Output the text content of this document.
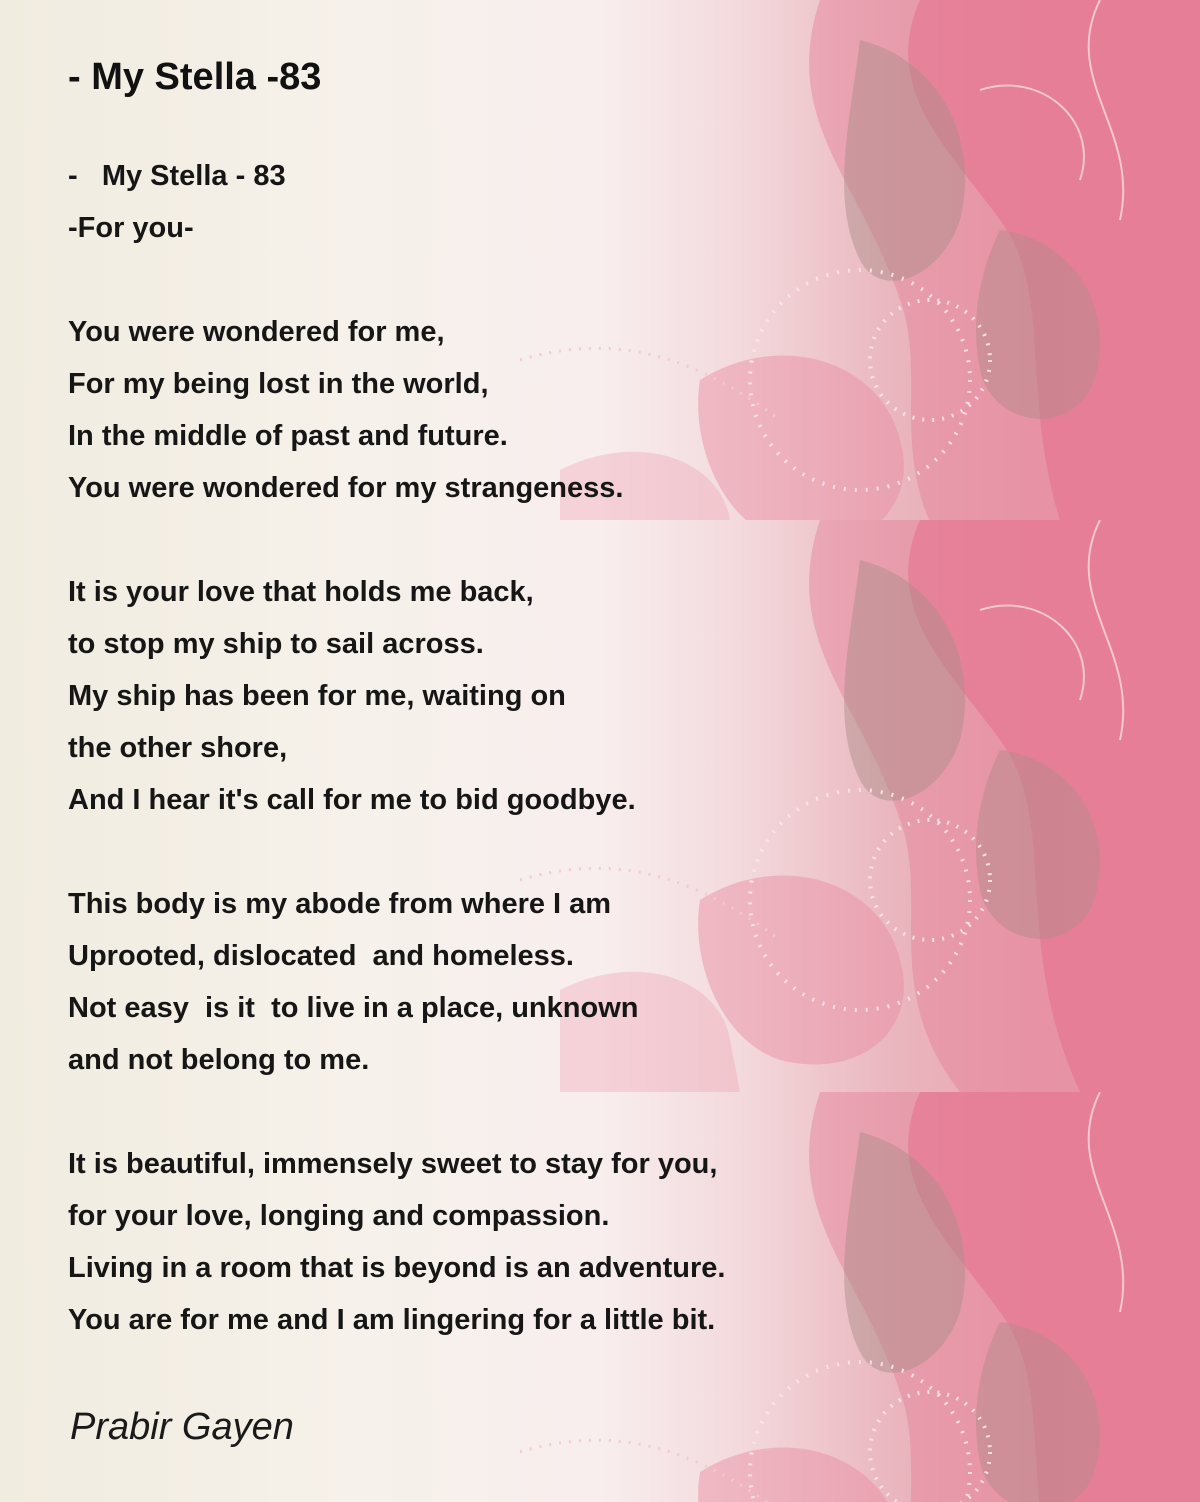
- My Stella -83
-   My Stella - 83
-For you-
You were wondered for me,
For my being lost in the world,
In the middle of past and future.
You were wondered for my strangeness.
It is your love that holds me back,
to stop my ship to sail across.
My ship has been for me, waiting on
the other shore,
And I hear it's call for me to bid goodbye.
This body is my abode from where I am
Uprooted, dislocated  and homeless.
Not easy  is it  to live in a place, unknown
and not belong to me.
It is beautiful, immensely sweet to stay for you,
for your love, longing and compassion.
Living in a room that is beyond is an adventure.
You are for me and I am lingering for a little bit.
Prabir Gayen
